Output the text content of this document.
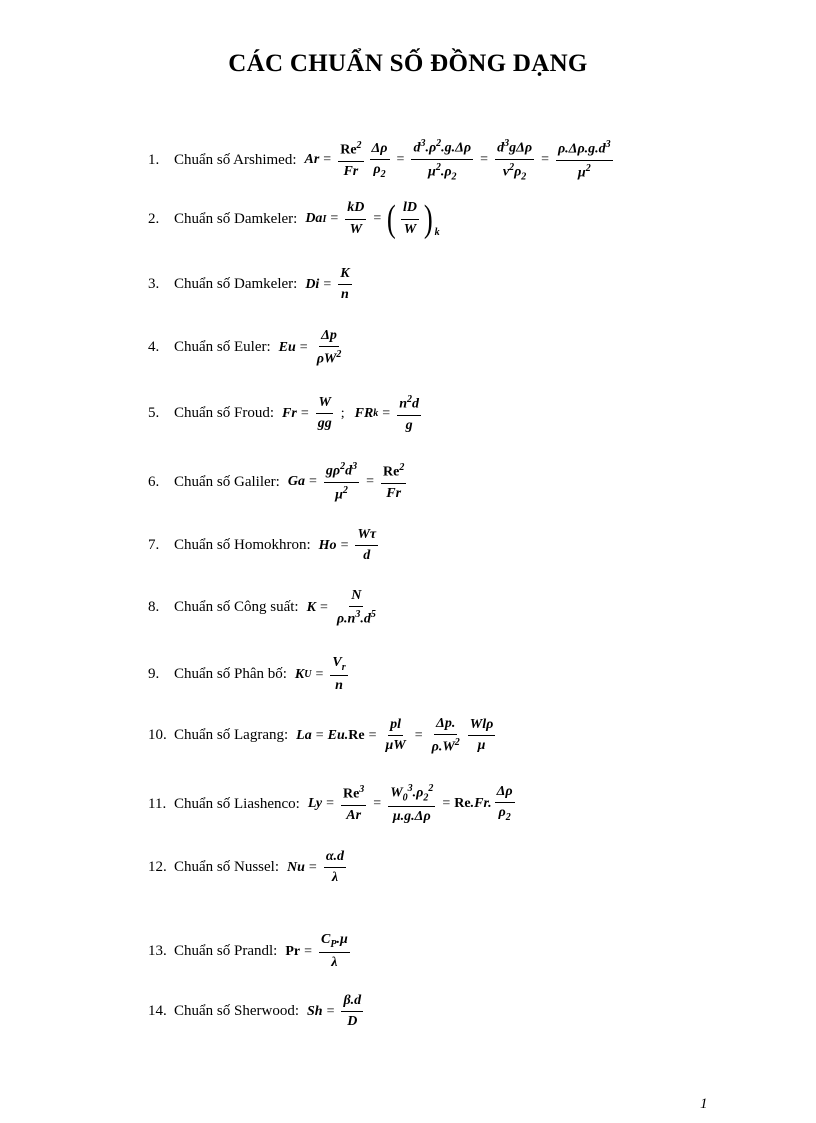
CÁC CHUẨN SỐ ĐỒNG DẠNG
1. Chuẩn số Arshimed: $Ar = \frac{Re^2}{Fr} \frac{\Delta\rho}{\rho_2} = \frac{d^3.\rho^2.g.\Delta\rho}{\mu^2.\rho_2} = \frac{d^3g\Delta\rho}{\nu^2\rho_2} = \frac{\rho.\Delta\rho.g.d^3}{\mu^2}$
2. Chuẩn số Damkeler: Da $I = \frac{kD}{W}$ = ( $\frac{lD}{W} )_k$
3. Chuẩn số Damkeler: $Di = \frac{K}{n}$
4. Chuẩn số Euler: $Eu = \frac{\Delta p}{\rho W^2}$
5. Chuẩn số Froud: $Fr = \frac{W}{gg}$ ; FR $k = \frac{n^2d}{g}$
6. Chuẩn số Galiler: $Ga = \frac{g\rho^2d^3}{\mu^2} = \frac{Re^2}{Fr}$
7. Chuẩn số Homokhron: $Ho = \frac{W\tau}{d}$
8. Chuẩn số Công suất: $K = \frac{N}{\rho.n^3.d^5}$
9. Chuẩn số Phân bố: K $U = \frac{V_r}{n}$
10. Chuẩn số Lagrang: La = Eu. $Re = \frac{pl}{\mu W} = \frac{\Delta p.}{\rho.W^2} \frac{\text{Wlρ}}{\mu}$
11. Chuẩn số Liashenco: $Ly = \frac{Re^3}{Ar} = \frac{W_0^3.\rho_2^2}{\mu.g.\Delta\rho} = Re$ .Fr. $\frac{\Delta\rho}{\rho_2}$
12. Chuẩn số Nussel: $Nu = \frac{\alpha.d}{\lambda}$
13. Chuẩn số Prandl: $Pr = \frac{C_P.\mu}{\lambda}$
14. Chuẩn số Sherwood: $Sh = \frac{\beta.d}{D}$
1
